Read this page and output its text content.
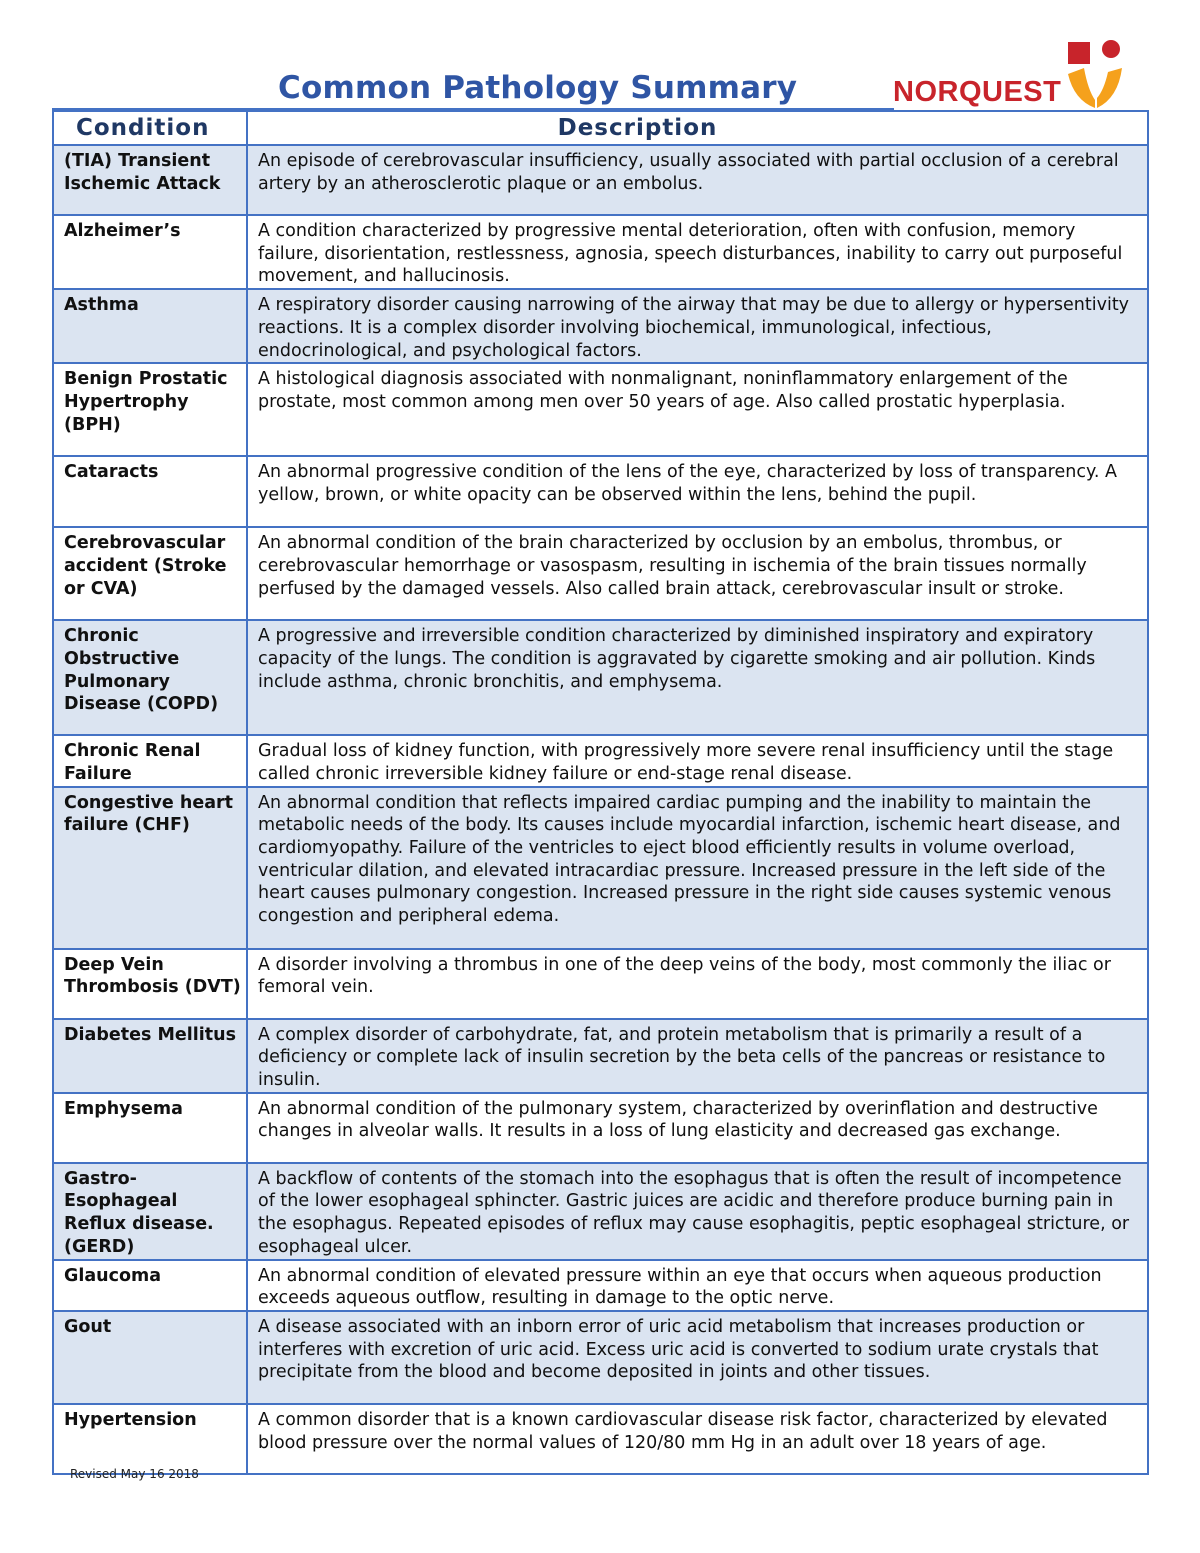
Common Pathology Summary	NORQUEST
Condition	Description
(TIA) Transient Ischemic Attack	An episode of cerebrovascular insufficiency, usually associated with partial occlusion of a cerebral artery by an atherosclerotic plaque or an embolus.
Alzheimer’s	A condition characterized by progressive mental deterioration, often with confusion, memory failure, disorientation, restlessness, agnosia, speech disturbances, inability to carry out purposeful movement, and hallucinosis.
Asthma	A respiratory disorder causing narrowing of the airway that may be due to allergy or hypersentivity reactions. It is a complex disorder involving biochemical, immunological, infectious, endocrinological, and psychological factors.
Benign Prostatic Hypertrophy (BPH)	A histological diagnosis associated with nonmalignant, noninflammatory enlargement of the prostate, most common among men over 50 years of age. Also called prostatic hyperplasia.
Cataracts	An abnormal progressive condition of the lens of the eye, characterized by loss of transparency. A yellow, brown, or white opacity can be observed within the lens, behind the pupil.
Cerebrovascular accident (Stroke or CVA)	An abnormal condition of the brain characterized by occlusion by an embolus, thrombus, or cerebrovascular hemorrhage or vasospasm, resulting in ischemia of the brain tissues normally perfused by the damaged vessels. Also called brain attack, cerebrovascular insult or stroke.
Chronic Obstructive Pulmonary Disease (COPD)	A progressive and irreversible condition characterized by diminished inspiratory and expiratory capacity of the lungs. The condition is aggravated by cigarette smoking and air pollution. Kinds include asthma, chronic bronchitis, and emphysema.
Chronic Renal Failure	Gradual loss of kidney function, with progressively more severe renal insufficiency until the stage called chronic irreversible kidney failure or end-stage renal disease.
Congestive heart failure (CHF)	An abnormal condition that reflects impaired cardiac pumping and the inability to maintain the metabolic needs of the body. Its causes include myocardial infarction, ischemic heart disease, and cardiomyopathy. Failure of the ventricles to eject blood efficiently results in volume overload, ventricular dilation, and elevated intracardiac pressure. Increased pressure in the left side of the heart causes pulmonary congestion. Increased pressure in the right side causes systemic venous congestion and peripheral edema.
Deep Vein Thrombosis (DVT)	A disorder involving a thrombus in one of the deep veins of the body, most commonly the iliac or femoral vein.
Diabetes Mellitus	A complex disorder of carbohydrate, fat, and protein metabolism that is primarily a result of a deficiency or complete lack of insulin secretion by the beta cells of the pancreas or resistance to insulin.
Emphysema	An abnormal condition of the pulmonary system, characterized by overinflation and destructive changes in alveolar walls. It results in a loss of lung elasticity and decreased gas exchange.
Gastro-Esophageal Reflux disease. (GERD)	A backflow of contents of the stomach into the esophagus that is often the result of incompetence of the lower esophageal sphincter. Gastric juices are acidic and therefore produce burning pain in the esophagus. Repeated episodes of reflux may cause esophagitis, peptic esophageal stricture, or esophageal ulcer.
Glaucoma	An abnormal condition of elevated pressure within an eye that occurs when aqueous production exceeds aqueous outflow, resulting in damage to the optic nerve.
Gout	A disease associated with an inborn error of uric acid metabolism that increases production or interferes with excretion of uric acid. Excess uric acid is converted to sodium urate crystals that precipitate from the blood and become deposited in joints and other tissues.
Hypertension	A common disorder that is a known cardiovascular disease risk factor, characterized by elevated blood pressure over the normal values of 120/80 mm Hg in an adult over 18 years of age.
Revised May 16 2018
